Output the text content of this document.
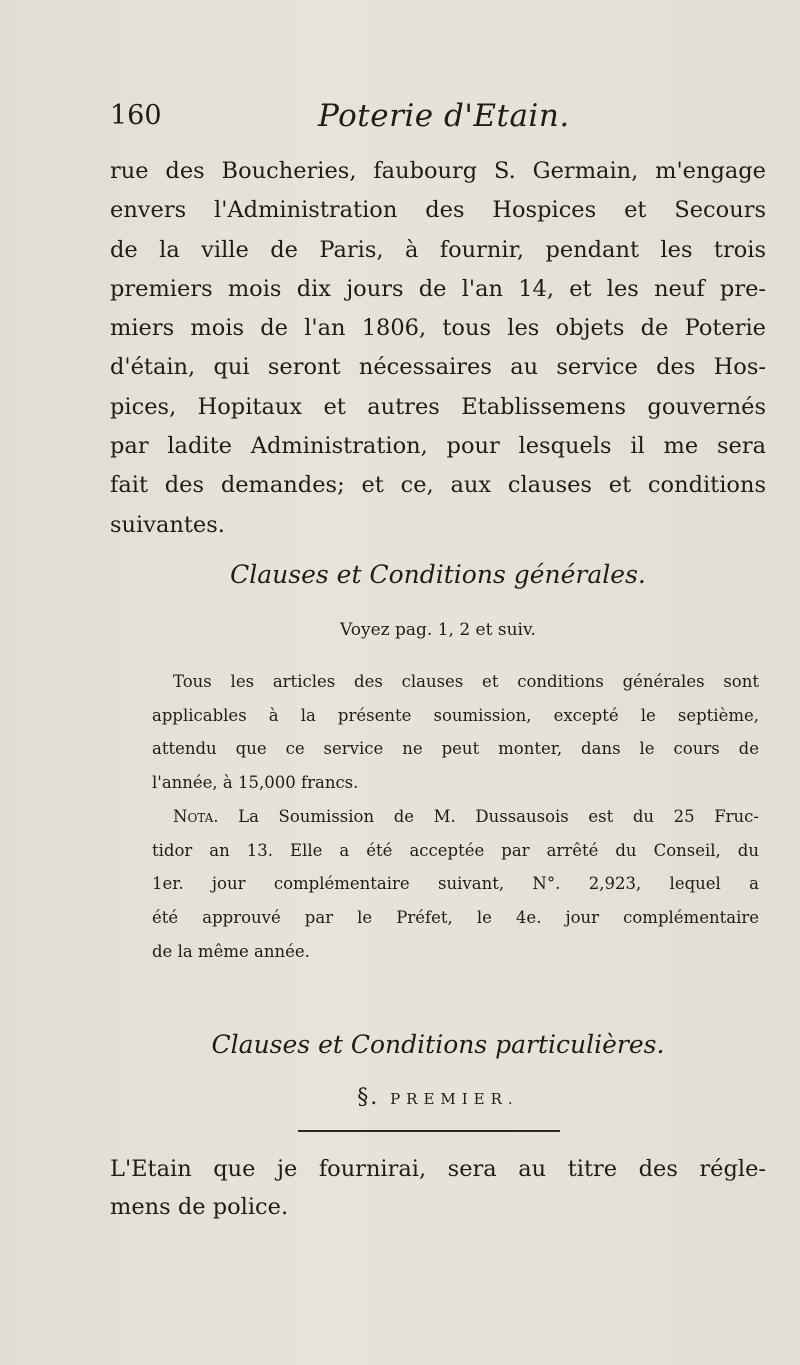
160	Poterie d'Etain.
rue des Boucheries, faubourg S. Germain, m'engage
envers l'Administration des Hospices et Secours
de la ville de Paris, à fournir, pendant les trois
premiers mois dix jours de l'an 14, et les neuf pre-
miers mois de l'an 1806, tous les objets de Poterie
d'étain, qui seront nécessaires au service des Hos-
pices, Hopitaux et autres Etablissemens gouvernés
par ladite Administration, pour lesquels il me sera
fait des demandes; et ce, aux clauses et conditions
suivantes.
Clauses et Conditions générales.
Voyez pag. 1, 2 et suiv.
Tous les articles des clauses et conditions générales sont
applicables à la présente soumission, excepté le septième,
attendu que ce service ne peut monter, dans le cours de
l'année, à 15,000 francs.
Nota. La Soumission de M. Dussausois est du 25 Fruc-
tidor an 13. Elle a été acceptée par arrêté du Conseil, du
1er. jour complémentaire suivant, N°. 2,923, lequel a
été approuvé par le Préfet, le 4e. jour complémentaire
de la même année.
Clauses et Conditions particulières.
§. PREMIER.
L'Etain que je fournirai, sera au titre des régle-
mens de police.
